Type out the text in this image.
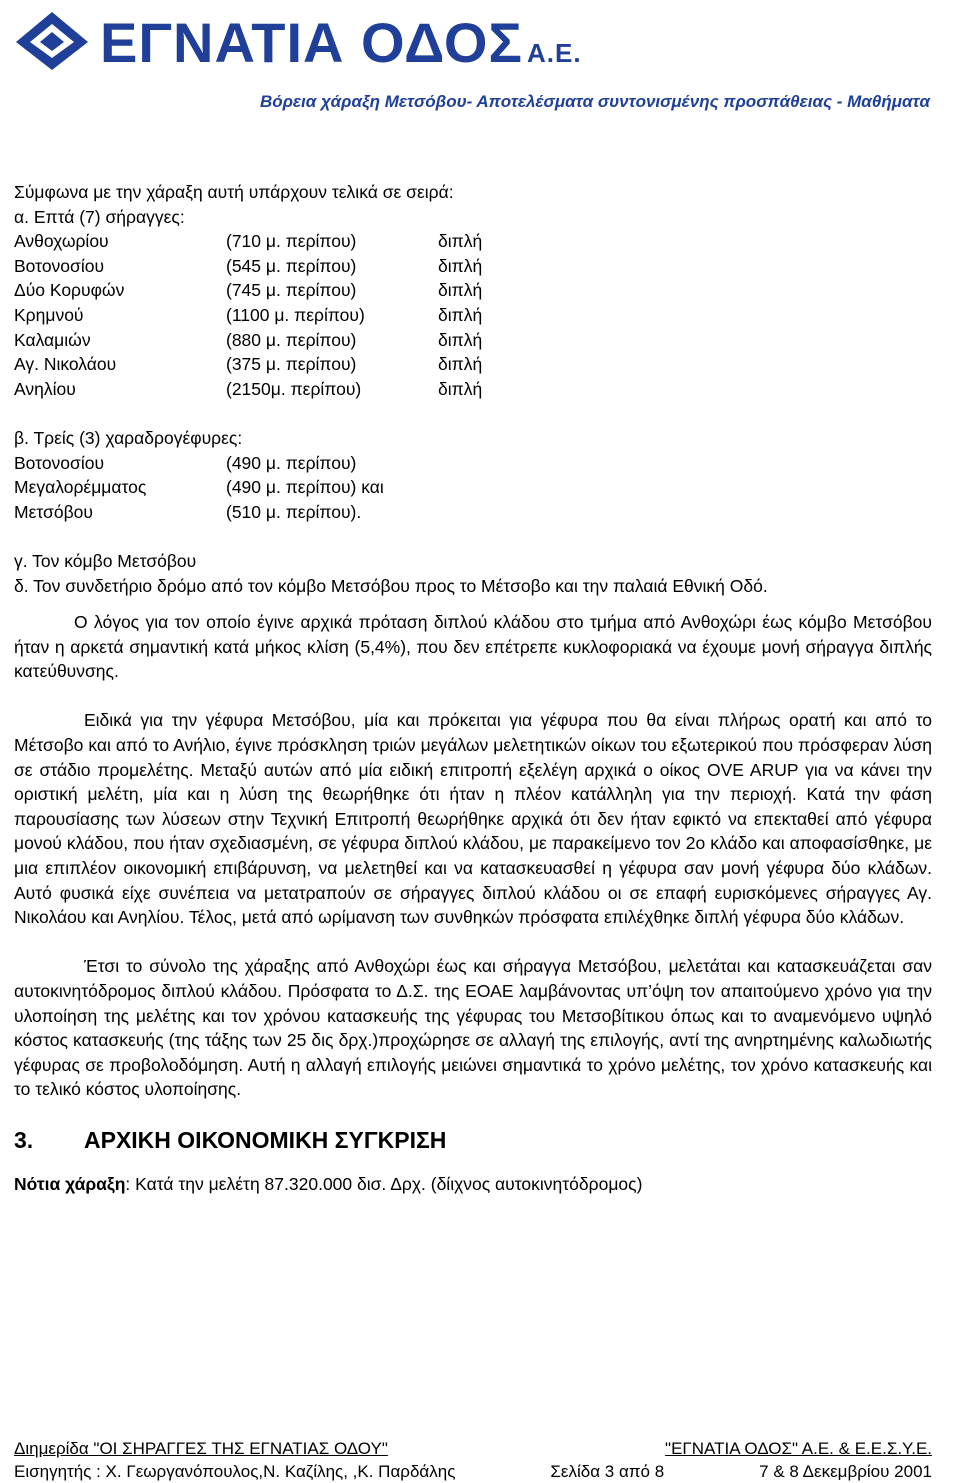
ΕΓΝΑΤΙΑ ΟΔΟΣ Α.Ε.
Βόρεια χάραξη Μετσόβου- Αποτελέσματα συντονισμένης προσπάθειας - Μαθήματα
Σύμφωνα με την χάραξη αυτή υπάρχουν τελικά σε σειρά:
α. Επτά (7) σήραγγες:
Ανθοχωρίου	(710 μ. περίπου)	διπλή
Βοτονοσίου	(545 μ. περίπου)	διπλή
Δύο Κορυφών	(745 μ. περίπου)	διπλή
Κρημνού	(1100 μ. περίπου)	διπλή
Καλαμιών	(880 μ. περίπου)	διπλή
Αγ. Νικολάου	(375 μ. περίπου)	διπλή
Ανηλίου	(2150μ. περίπου)	διπλή
β. Τρείς (3) χαραδρογέφυρες:
Βοτονοσίου	(490 μ. περίπου)
Μεγαλορέμματος	(490 μ. περίπου) και
Μετσόβου	(510 μ. περίπου).
γ. Τον κόμβο Μετσόβου

δ. Τον συνδετήριο δρόμο από τον κόμβο Μετσόβου προς το Μέτσοβο και την παλαιά Εθνική Οδό.

Ο λόγος για τον οποίο έγινε αρχικά πρόταση διπλού κλάδου στο τμήμα από Ανθοχώρι έως κόμβο Μετσόβου ήταν η αρκετά σημαντική κατά μήκος κλίση (5,4%), που δεν επέτρεπε κυκλοφοριακά να έχουμε μονή σήραγγα διπλής κατεύθυνσης.

Ειδικά για την γέφυρα Μετσόβου, μία και πρόκειται για γέφυρα που θα είναι πλήρως ορατή και από το Μέτσοβο και από το Ανήλιο, έγινε πρόσκληση τριών μεγάλων μελετητικών οίκων του εξωτερικού που πρόσφεραν λύση σε στάδιο προμελέτης. Μεταξύ αυτών από μία ειδική επιτροπή εξελέγη αρχικά ο οίκος OVE ARUP για να κάνει την οριστική μελέτη, μία και η λύση της θεωρήθηκε ότι ήταν η πλέον κατάλληλη για την περιοχή. Κατά την φάση παρουσίασης των λύσεων στην Τεχνική Επιτροπή θεωρήθηκε αρχικά ότι δεν ήταν εφικτό να επεκταθεί από γέφυρα μονού κλάδου, που ήταν σχεδιασμένη, σε γέφυρα διπλού κλάδου, με παρακείμενο τον 2ο κλάδο και αποφασίσθηκε, με μια επιπλέον οικονομική επιβάρυνση, να μελετηθεί και να κατασκευασθεί η γέφυρα σαν μονή γέφυρα δύο κλάδων. Αυτό φυσικά είχε συνέπεια να μετατραπούν σε σήραγγες διπλού κλάδου οι σε επαφή ευρισκόμενες σήραγγες Αγ. Νικολάου και Ανηλίου. Τέλος, μετά από ωρίμανση των συνθηκών πρόσφατα επιλέχθηκε διπλή γέφυρα δύο κλάδων.

Έτσι το σύνολο της χάραξης από Ανθοχώρι έως και σήραγγα Μετσόβου, μελετάται και κατασκευάζεται σαν αυτοκινητόδρομος διπλού κλάδου. Πρόσφατα το Δ.Σ. της ΕΟΑΕ λαμβάνοντας υπ’όψη τον απαιτούμενο χρόνο για την υλοποίηση της μελέτης και τον χρόνου κατασκευής της γέφυρας του Μετσοβίτικου όπως και το αναμενόμενο υψηλό κόστος κατασκευής (της τάξης των 25 δις δρχ.)προχώρησε σε αλλαγή της επιλογής, αντί της ανηρτημένης καλωδιωτής γέφυρας σε προβολοδόμηση. Αυτή η αλλαγή επιλογής μειώνει σημαντικά το χρόνο μελέτης, τον χρόνο κατασκευής και το τελικό κόστος υλοποίησης.

3.	ΑΡΧΙΚΗ ΟΙΚΟΝΟΜΙΚΗ ΣΥΓΚΡΙΣΗ
Νότια χάραξη: Κατά την μελέτη 87.320.000 δισ. Δρχ. (δίιχνος αυτοκινητόδρομος)
Διημερίδα "ΟΙ ΣΗΡΑΓΓΕΣ ΤΗΣ ΕΓΝΑΤΙΑΣ ΟΔΟΥ"	"ΕΓΝΑΤΙΑ ΟΔΟΣ" Α.Ε. & Ε.Ε.Σ.Υ.Ε.
Εισηγητής : Χ. Γεωργανόπουλος,Ν. Καζίλης, ,Κ. Παρδάλης	Σελίδα 3 από 8	7 & 8 Δεκεμβρίου 2001
